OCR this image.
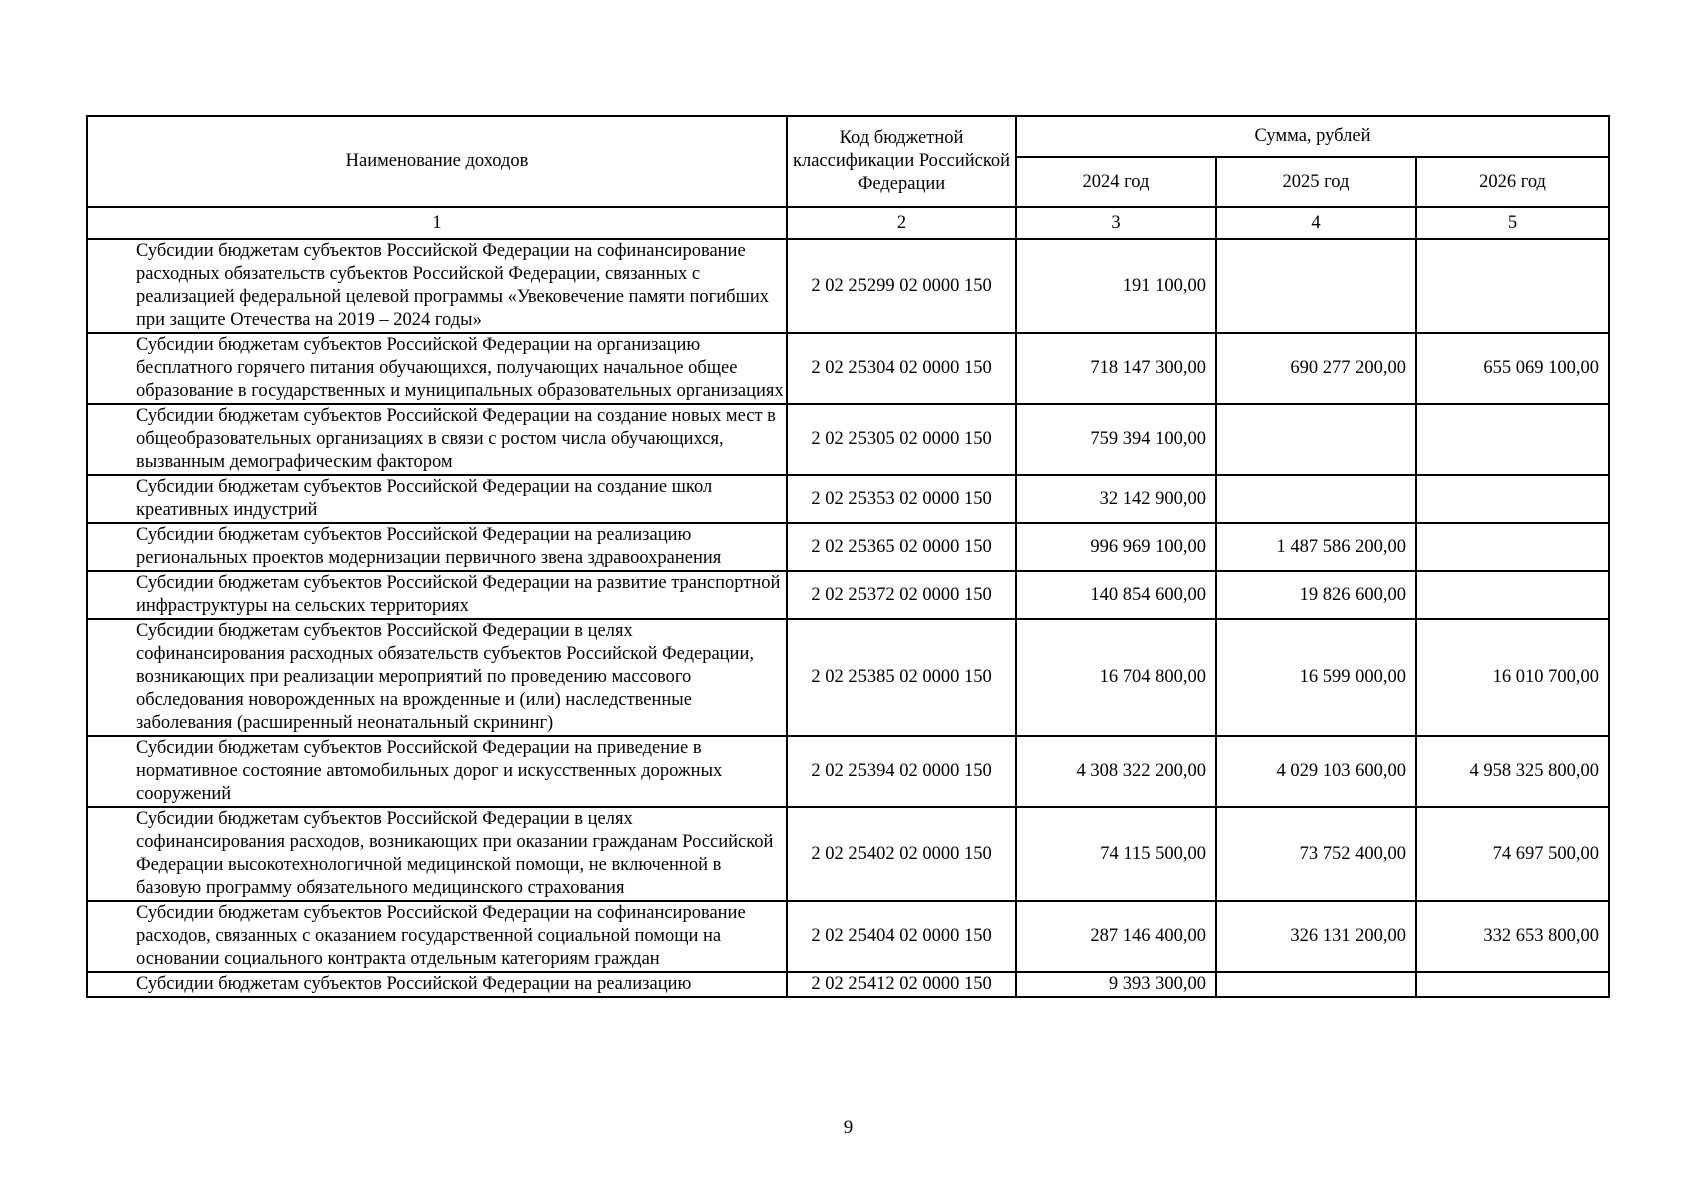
Наименование доходов	Код бюджетной классификации Российской Федерации	Сумма, рублей		
		2024 год	2025 год	2026 год
1	2	3	4	5
Субсидии бюджетам субъектов Российской Федерации на софинансирование расходных обязательств субъектов Российской Федерации, связанных с реализацией федеральной целевой программы «Увековечение памяти погибших при защите Отечества на 2019 – 2024 годы»	2 02 25299 02 0000 150	191 100,00		
Субсидии бюджетам субъектов Российской Федерации на организацию бесплатного горячего питания обучающихся, получающих начальное общее образование в государственных и муниципальных образовательных организациях	2 02 25304 02 0000 150	718 147 300,00	690 277 200,00	655 069 100,00
Субсидии бюджетам субъектов Российской Федерации на создание новых мест в общеобразовательных организациях в связи с ростом числа обучающихся, вызванным демографическим фактором	2 02 25305 02 0000 150	759 394 100,00		
Субсидии бюджетам субъектов Российской Федерации на создание школ креативных индустрий	2 02 25353 02 0000 150	32 142 900,00		
Субсидии бюджетам субъектов Российской Федерации на реализацию региональных проектов модернизации первичного звена здравоохранения	2 02 25365 02 0000 150	996 969 100,00	1 487 586 200,00	
Субсидии бюджетам субъектов Российской Федерации на развитие транспортной инфраструктуры на сельских территориях	2 02 25372 02 0000 150	140 854 600,00	19 826 600,00	
Субсидии бюджетам субъектов Российской Федерации в целях софинансирования расходных обязательств субъектов Российской Федерации, возникающих при реализации мероприятий по проведению массового обследования новорожденных на врожденные и (или) наследственные заболевания (расширенный неонатальный скрининг)	2 02 25385 02 0000 150	16 704 800,00	16 599 000,00	16 010 700,00
Субсидии бюджетам субъектов Российской Федерации на приведение в нормативное состояние автомобильных дорог и искусственных дорожных сооружений	2 02 25394 02 0000 150	4 308 322 200,00	4 029 103 600,00	4 958 325 800,00
Субсидии бюджетам субъектов Российской Федерации в целях софинансирования расходов, возникающих при оказании гражданам Российской Федерации высокотехнологичной медицинской помощи, не включенной в базовую программу обязательного медицинского страхования	2 02 25402 02 0000 150	74 115 500,00	73 752 400,00	74 697 500,00
Субсидии бюджетам субъектов Российской Федерации на софинансирование расходов, связанных с оказанием государственной социальной помощи на основании социального контракта отдельным категориям граждан	2 02 25404 02 0000 150	287 146 400,00	326 131 200,00	332 653 800,00
Субсидии бюджетам субъектов Российской Федерации на реализацию	2 02 25412 02 0000 150	9 393 300,00		
9
